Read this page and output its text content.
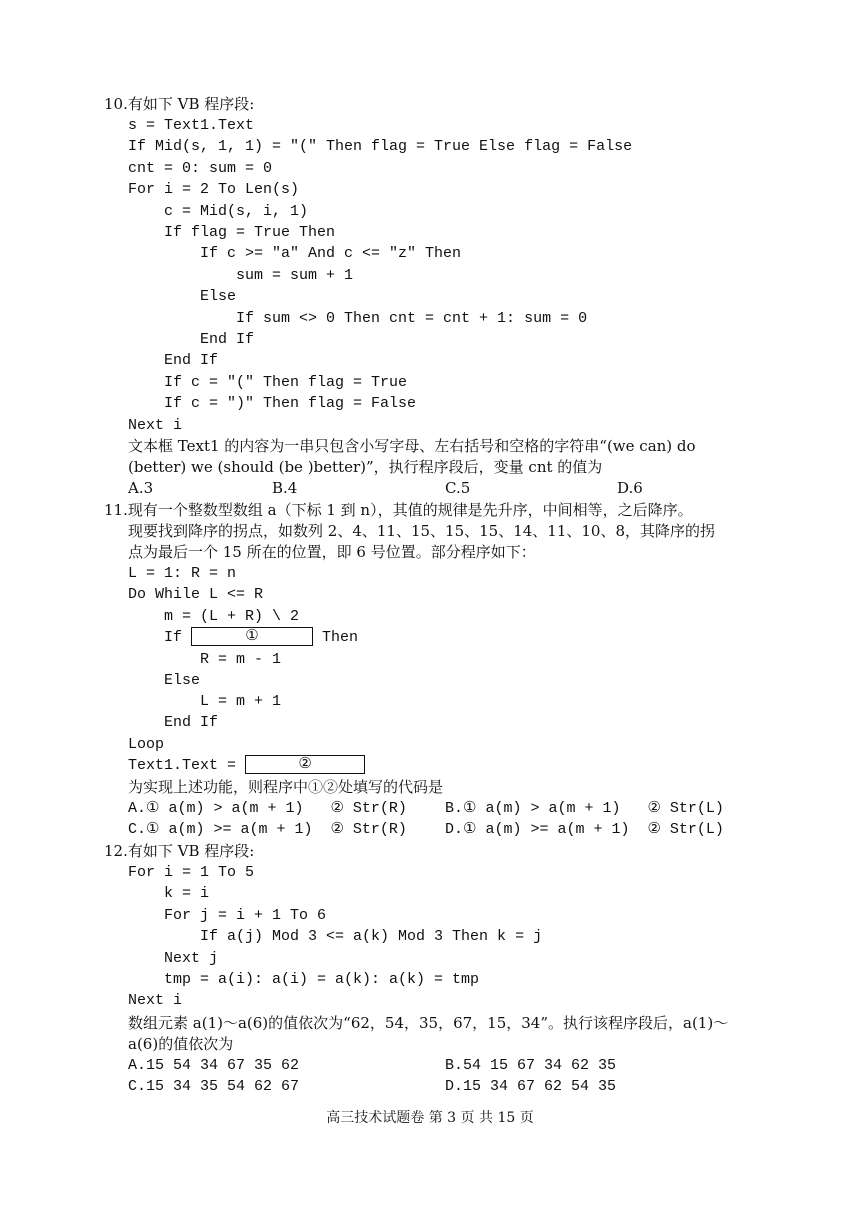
10.有如下 VB 程序段:
s = Text1.Text
If Mid(s, 1, 1) = "(" Then flag = True Else flag = False
cnt = 0: sum = 0
For i = 2 To Len(s)
c = Mid(s, i, 1)
If flag = True Then
If c >= "a" And c <= "z" Then
sum = sum + 1
Else
If sum <> 0 Then cnt = cnt + 1: sum = 0
End If
End If
If c = "(" Then flag = True
If c = ")" Then flag = False
Next i
文本框 Text1 的内容为一串只包含小写字母、左右括号和空格的字符串“(we can) do
(better) we (should (be )better)”，执行程序段后，变量 cnt 的值为
A.3	B.4	C.5	D.6
11.现有一个整数型数组 a（下标 1 到 n），其值的规律是先升序，中间相等，之后降序。
现要找到降序的拐点，如数列 2、4、11、15、15、15、14、11、10、8，其降序的拐
点为最后一个 15 所在的位置，即 6 号位置。部分程序如下：
L = 1: R = n
Do While L <= R
m = (L + R) \ 2
If	①	Then
R = m - 1
Else
L = m + 1
End If
Loop
Text1.Text =	②
为实现上述功能，则程序中①②处填写的代码是
A.① a(m) > a(m + 1)   ② Str(R)	B.① a(m) > a(m + 1)   ② Str(L)
C.① a(m) >= a(m + 1)  ② Str(R)	D.① a(m) >= a(m + 1)  ② Str(L)
12.有如下 VB 程序段:
For i = 1 To 5
k = i
For j = i + 1 To 6
If a(j) Mod 3 <= a(k) Mod 3 Then k = j
Next j
tmp = a(i): a(i) = a(k): a(k) = tmp
Next i
数组元素 a(1)～a(6)的值依次为“62，54，35，67，15，34”。执行该程序段后，a(1)～
a(6)的值依次为
A.15 54 34 67 35 62	B.54 15 67 34 62 35
C.15 34 35 54 62 67	D.15 34 67 62 54 35
高三技术试题卷 第 3 页 共 15 页
